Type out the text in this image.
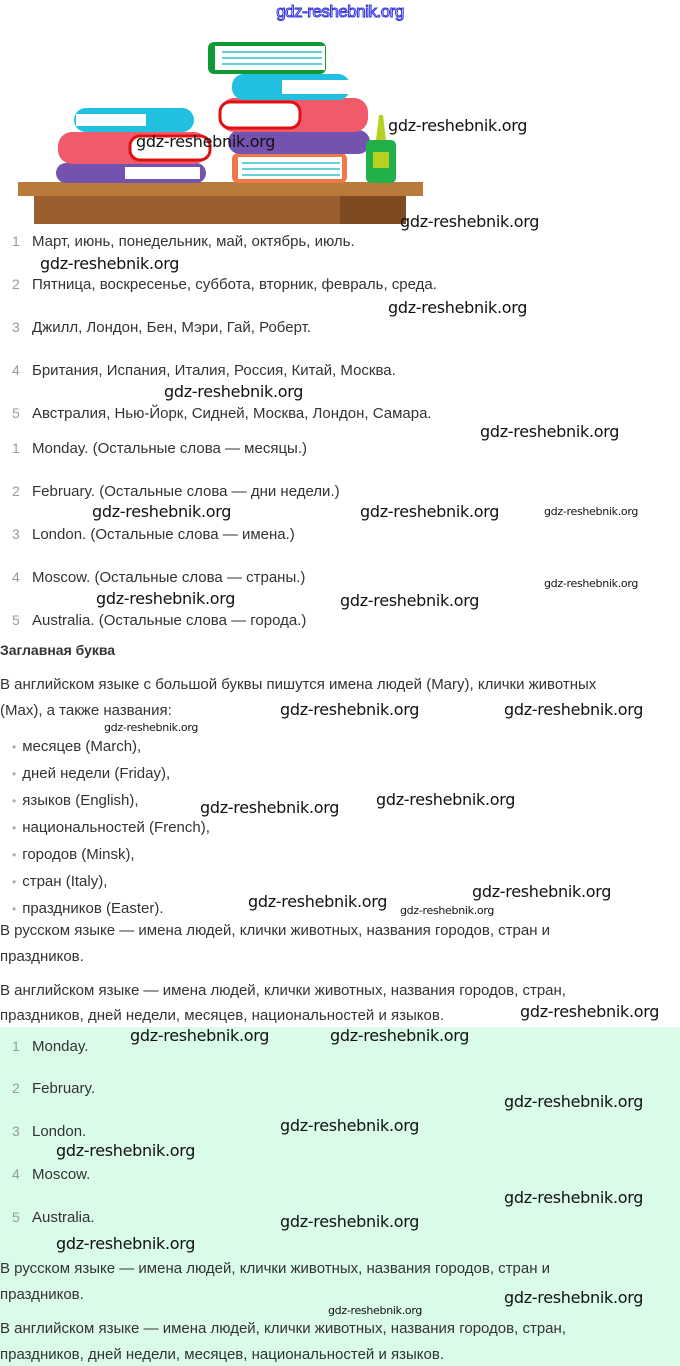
gdz-reshebnik.org
1 Март, июнь, понедельник, май, октябрь, июль.
2 Пятница, воскресенье, суббота, вторник, февраль, среда.
3 Джилл, Лондон, Бен, Мэри, Гай, Роберт.
4 Британия, Испания, Италия, Россия, Китай, Москва.
5 Австралия, Нью-Йорк, Сидней, Москва, Лондон, Самара.
1 Monday. (Остальные слова — месяцы.)
2 February. (Остальные слова — дни недели.)
3 London. (Остальные слова — имена.)
4 Moscow. (Остальные слова — страны.)
5 Australia. (Остальные слова — города.)
Заглавная буква
В английском языке с большой буквы пишутся имена людей (Mary), клички животных
(Max), а также названия:
• месяцев (March),
• дней недели (Friday),
• языков (English),
• национальностей (French),
• городов (Minsk),
• стран (Italy),
• праздников (Easter).
В русском языке — имена людей, клички животных, названия городов, стран и
праздников.
В английском языке — имена людей, клички животных, названия городов, стран,
праздников, дней недели, месяцев, национальностей и языков.
1 Monday.
2 February.
3 London.
4 Moscow.
5 Australia.
В русском языке — имена людей, клички животных, названия городов, стран и
праздников.
В английском языке — имена людей, клички животных, названия городов, стран,
праздников, дней недели, месяцев, национальностей и языков.
gdz-reshebnik.org
gdz-reshebnik.org
gdz-reshebnik.org
gdz-reshebnik.org
gdz-reshebnik.org
gdz-reshebnik.org
gdz-reshebnik.org
gdz-reshebnik.org	gdz-reshebnik.org	gdz-reshebnik.org
gdz-reshebnik.org
gdz-reshebnik.org	gdz-reshebnik.org
gdz-reshebnik.org
gdz-reshebnik.org	gdz-reshebnik.org
gdz-reshebnik.org
gdz-reshebnik.org
gdz-reshebnik.org
gdz-reshebnik.org gdz-reshebnik.org
gdz-reshebnik.org
gdz-reshebnik.org	gdz-reshebnik.org
gdz-reshebnik.org
gdz-reshebnik.org
gdz-reshebnik.org
gdz-reshebnik.org
gdz-reshebnik.org
gdz-reshebnik.org
gdz-reshebnik.org
gdz-reshebnik.org
